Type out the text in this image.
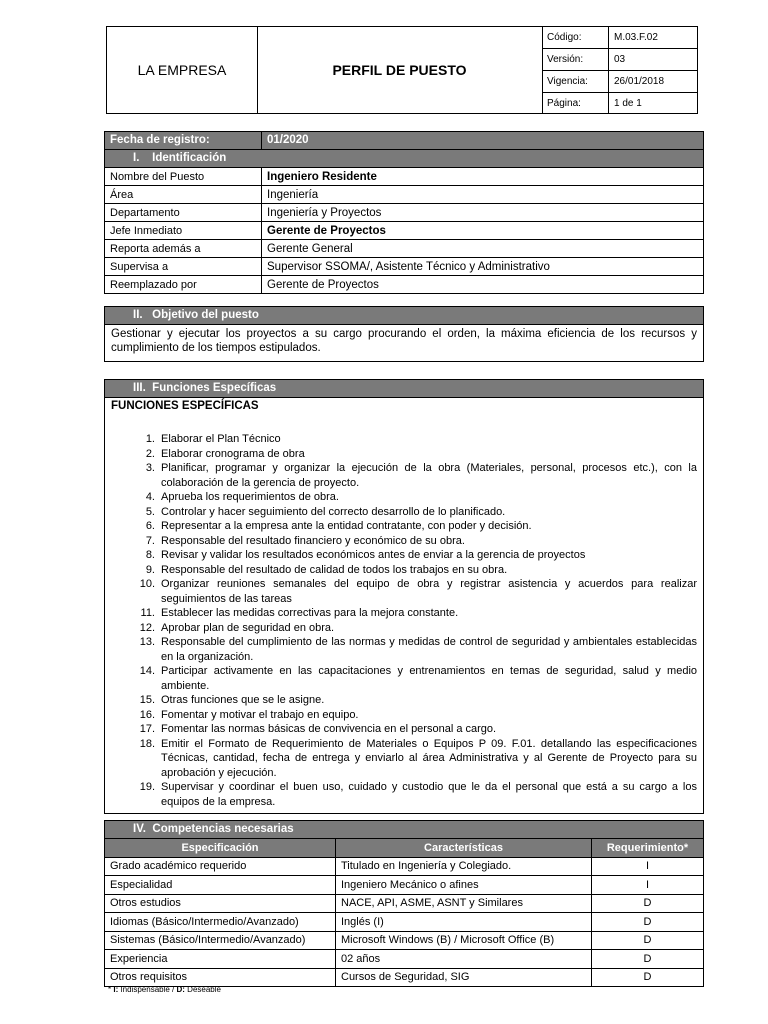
LA EMPRESA	PERFIL DE PUESTO
Código:	M.03.F.02
Versión:	03
Vigencia:	26/01/2018
Página:	1 de 1
Fecha de registro:	01/2020
I.    Identificación	
Nombre del Puesto	Ingeniero Residente
Área	Ingeniería
Departamento	Ingeniería y Proyectos
Jefe Inmediato	Gerente de Proyectos
Reporta además a	Gerente General
Supervisa a	Supervisor SSOMA/, Asistente Técnico y Administrativo
Reemplazado por	Gerente de Proyectos
II.   Objetivo del puesto
Gestionar y ejecutar los proyectos a su cargo procurando el orden, la máxima eficiencia de los recursos y cumplimiento de los tiempos estipulados.
III.  Funciones Específicas
FUNCIONES ESPECÍFICAS
1. Elaborar el Plan Técnico
2. Elaborar cronograma de obra
3. Planificar, programar y organizar la ejecución de la obra (Materiales, personal, procesos etc.), con la colaboración de la gerencia de proyecto.
4. Aprueba los requerimientos de obra.
5. Controlar y hacer seguimiento del correcto desarrollo de lo planificado.
6. Representar a la empresa ante la entidad contratante, con poder y decisión.
7. Responsable del resultado financiero y económico de su obra.
8. Revisar y validar los resultados económicos antes de enviar a la gerencia de proyectos
9. Responsable del resultado de calidad de todos los trabajos en su obra.
10. Organizar reuniones semanales del equipo de obra y registrar asistencia y acuerdos para realizar seguimientos de las tareas
11. Establecer las medidas correctivas para la mejora constante.
12. Aprobar plan de seguridad en obra.
13. Responsable del cumplimiento de las normas y medidas de control de seguridad y ambientales establecidas en la organización.
14. Participar activamente en las capacitaciones y entrenamientos en temas de seguridad, salud y medio ambiente.
15. Otras funciones que se le asigne.
16. Fomentar y motivar el trabajo en equipo.
17. Fomentar las normas básicas de convivencia en el personal a cargo.
18. Emitir el Formato de Requerimiento de Materiales o Equipos P 09. F.01. detallando las especificaciones Técnicas, cantidad, fecha de entrega y enviarlo al área Administrativa y al Gerente de Proyecto para su aprobación y ejecución.
19. Supervisar y coordinar el buen uso, cuidado y custodio que le da el personal que está a su cargo a los equipos de la empresa.
IV.  Competencias necesarias
Especificación	Características	Requerimiento*
Grado académico requerido	Titulado en Ingeniería y Colegiado.	I
Especialidad	Ingeniero Mecánico o afines	I
Otros estudios	NACE, API, ASME, ASNT y Similares	D
Idiomas (Básico/Intermedio/Avanzado)	Inglés (I)	D
Sistemas (Básico/Intermedio/Avanzado)	Microsoft Windows (B) / Microsoft Office (B)	D
Experiencia	02 años	D
Otros requisitos	Cursos de Seguridad, SIG	D
* I: Indispensable / D: Deseable
